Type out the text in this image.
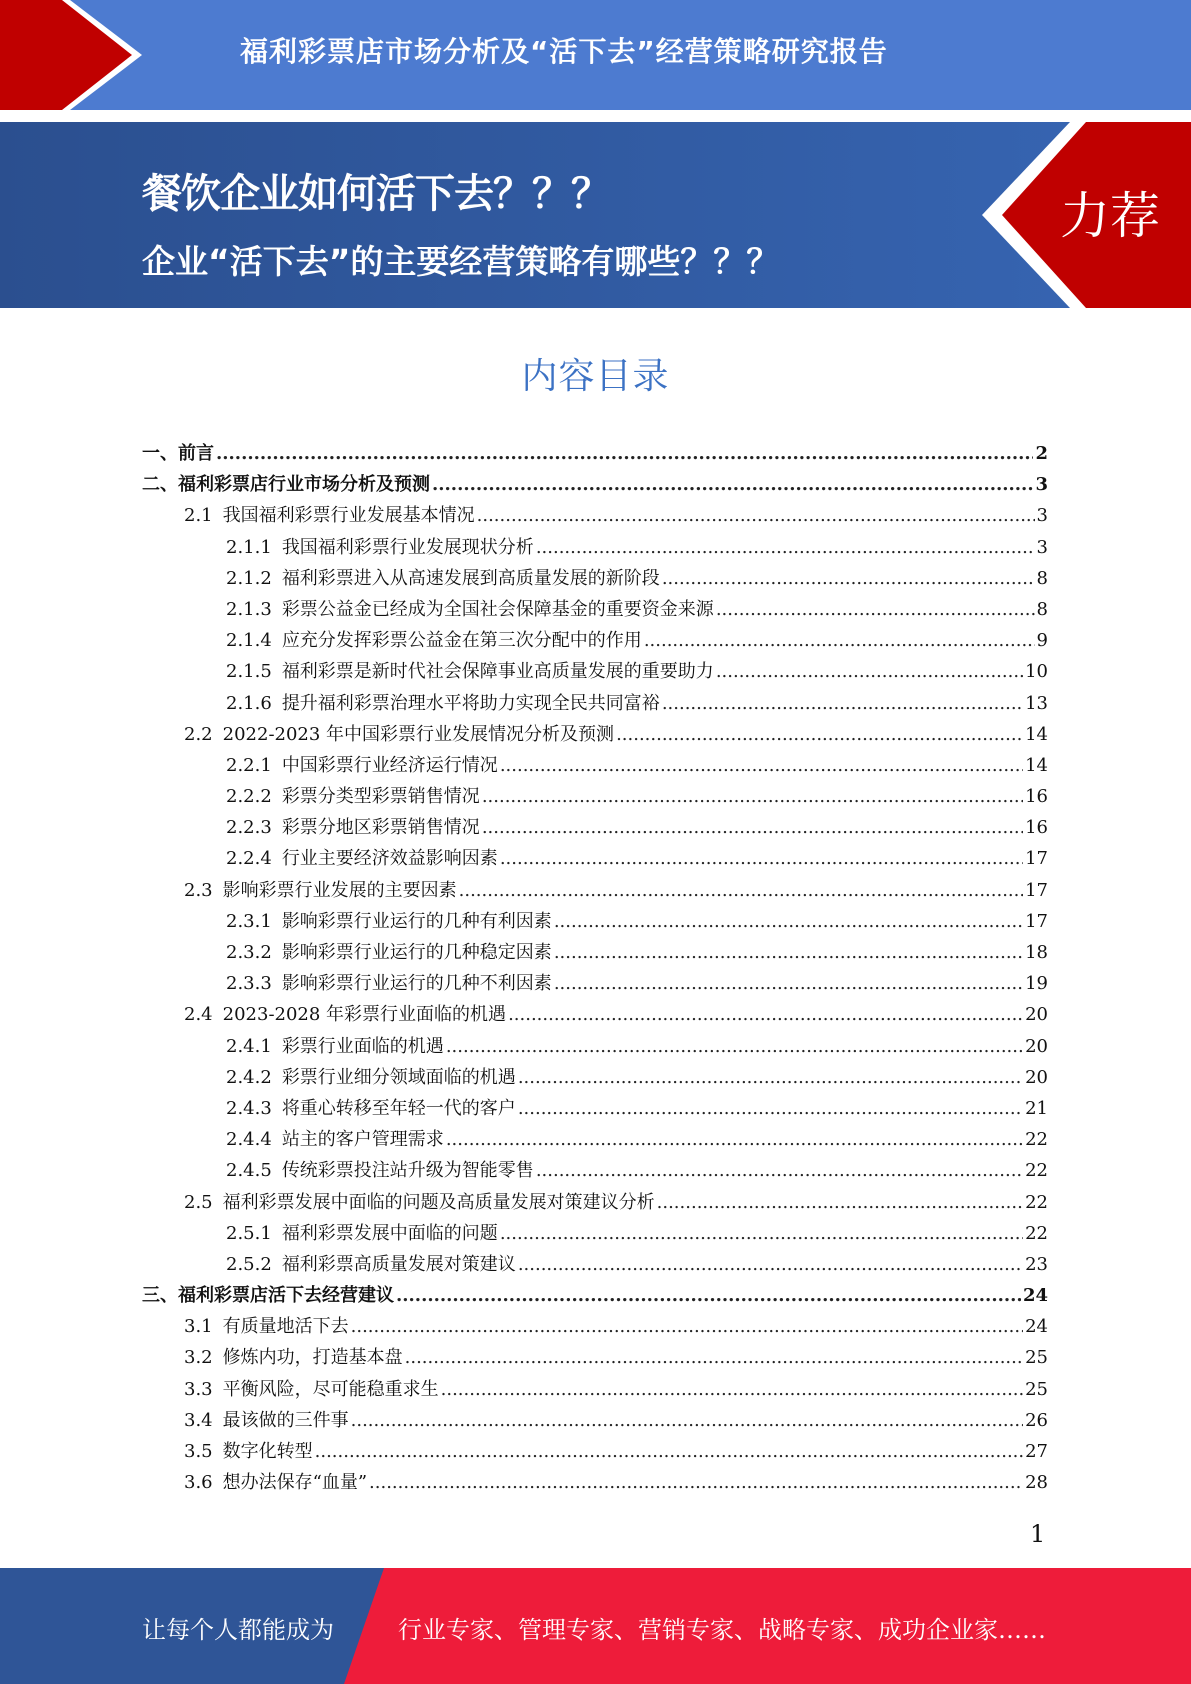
福利彩票店市场分析及“活下去”经营策略研究报告
餐饮企业如何活下去？？？
企业“活下去”的主要经营策略有哪些？？？
力荐
内容目录
一、 前言 .....	2
二、 福利彩票店行业市场分析及预测 .....	3
2.1 我国福利彩票行业发展基本情况 .....	3
2.1.1 我国福利彩票行业发展现状分析 .....	3
2.1.2 福利彩票进入从高速发展到高质量发展的新阶段 .....	8
2.1.3 彩票公益金已经成为全国社会保障基金的重要资金来源 .....	8
2.1.4 应充分发挥彩票公益金在第三次分配中的作用 .....	9
2.1.5 福利彩票是新时代社会保障事业高质量发展的重要助力 .....	10
2.1.6 提升福利彩票治理水平将助力实现全民共同富裕 .....	13
2.2 2022-2023 年中国彩票行业发展情况分析及预测 .....	14
2.2.1 中国彩票行业经济运行情况 .....	14
2.2.2 彩票分类型彩票销售情况 .....	16
2.2.3 彩票分地区彩票销售情况 .....	16
2.2.4 行业主要经济效益影响因素 .....	17
2.3 影响彩票行业发展的主要因素 .....	17
2.3.1 影响彩票行业运行的几种有利因素 .....	17
2.3.2 影响彩票行业运行的几种稳定因素 .....	18
2.3.3 影响彩票行业运行的几种不利因素 .....	19
2.4 2023-2028 年彩票行业面临的机遇 .....	20
2.4.1 彩票行业面临的机遇 .....	20
2.4.2 彩票行业细分领域面临的机遇 .....	20
2.4.3 将重心转移至年轻一代的客户 .....	21
2.4.4 站主的客户管理需求 .....	22
2.4.5 传统彩票投注站升级为智能零售 .....	22
2.5 福利彩票发展中面临的问题及高质量发展对策建议分析 .....	22
2.5.1 福利彩票发展中面临的问题 .....	22
2.5.2 福利彩票高质量发展对策建议 .....	23
三、 福利彩票店活下去经营建议 .....	24
3.1 有质量地活下去 .....	24
3.2 修炼内功，打造基本盘 .....	25
3.3 平衡风险，尽可能稳重求生 .....	25
3.4 最该做的三件事 .....	26
3.5 数字化转型 .....	27
3.6 想办法保存“血量” .....	28
1
让每个人都能成为	行业专家、管理专家、营销专家、战略专家、成功企业家……
